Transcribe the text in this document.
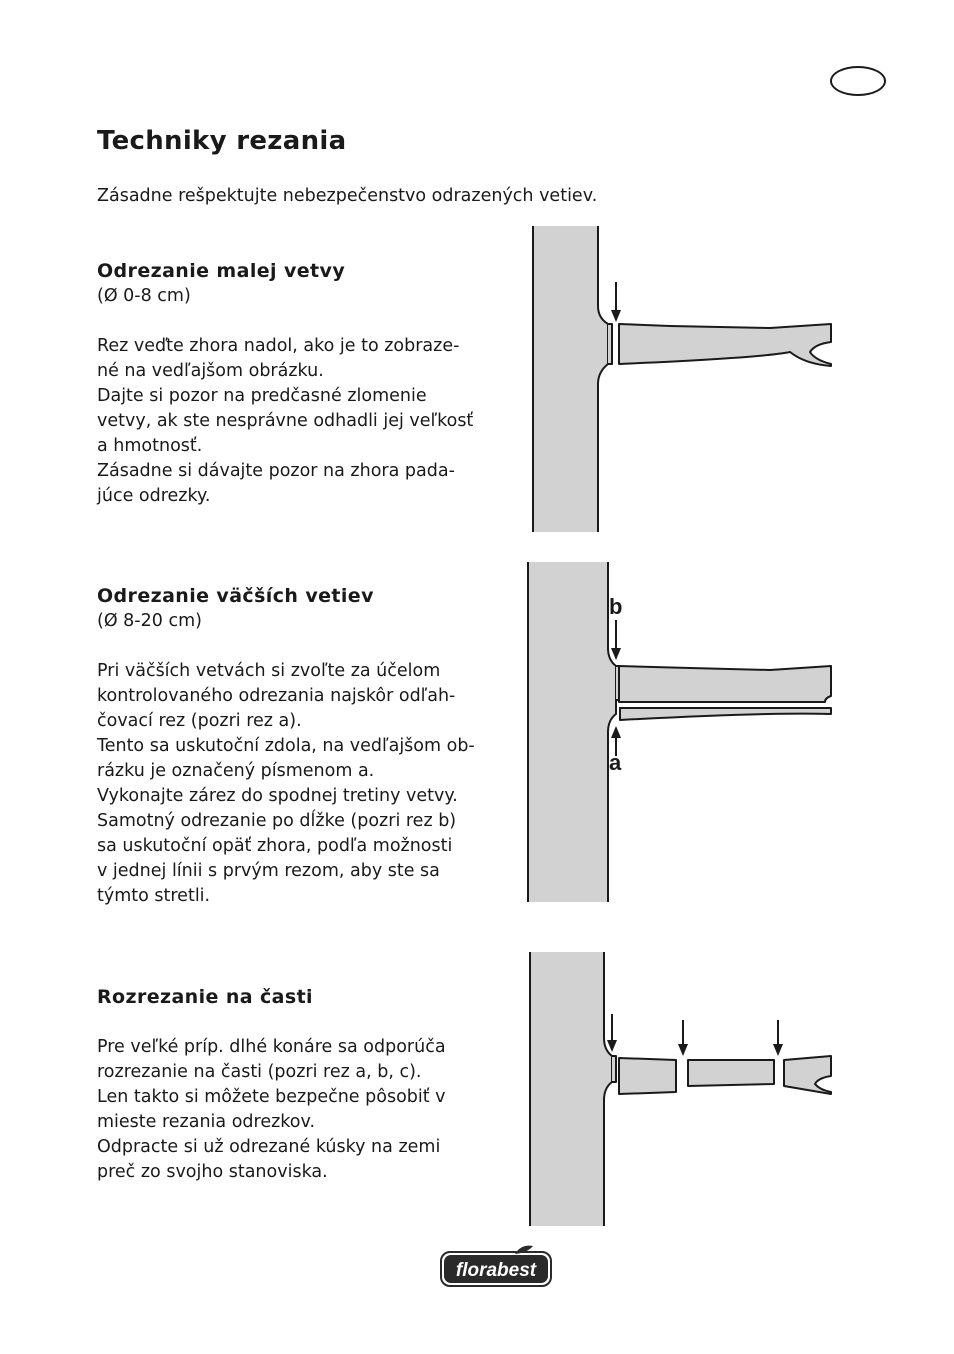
Techniky rezania

Zásadne rešpektujte nebezpečenstvo odrazených vetiev.

Odrezanie malej vetvy

(Ø 0-8 cm)

Rez veďte zhora nadol, ako je to zobraze-
né na vedľajšom obrázku.
Dajte si pozor na predčasné zlomenie
vetvy, ak ste nesprávne odhadli jej veľkosť
a hmotnosť.
Zásadne si dávajte pozor na zhora pada-
júce odrezky.

Odrezanie väčších vetiev

(Ø 8-20 cm)

Pri väčších vetvách si zvoľte za účelom
kontrolovaného odrezania najskôr odľah-
čovací rez (pozri rez a).
Tento sa uskutoční zdola, na vedľajšom ob-
rázku je označený písmenom a.
Vykonajte zárez do spodnej tretiny vetvy.
Samotný odrezanie po dĺžke (pozri rez b)
sa uskutoční opäť zhora, podľa možnosti
v jednej línii s prvým rezom, aby ste sa
týmto stretli.

b
a
Rozrezanie na časti

Pre veľké príp. dlhé konáre sa odporúča
rozrezanie na časti (pozri rez a, b, c).
Len takto si môžete bezpečne pôsobiť v
mieste rezania odrezkov.
Odpracte si už odrezané kúsky na zemi
preč zo svojho stanoviska.

florabest
